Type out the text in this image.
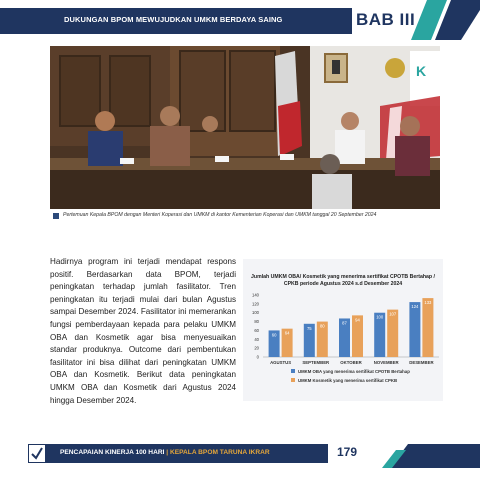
DUKUNGAN BPOM MEWUJUDKAN UMKM BERDAYA SAING	BAB III
K
Pertemuan Kepala BPOM dengan Menteri Koperasi dan UMKM di kantor Kementerian Koperasi dan UMKM tanggal 20 September 2024

Hadirnya program ini terjadi mendapat respons positif. Berdasarkan data BPOM, terjadi peningkatan terhadap jumlah fasilitator. Tren peningkatan itu terjadi mulai dari bulan Agustus sampai Desember 2024. Fasilitator ini memerankan fungsi pemberdayaan kepada para pelaku UMKM OBA dan Kosmetik agar bisa menyesuaikan standar produknya. Outcome dari pembentukan fasilitator ini bisa dilihat dari peningkatan UMKM OBA dan Kosmetik. Berikut data peningkatan UMKM OBA dan Kosmetik dari Agustus 2024 hingga Desember 2024.

Jumlah UMKM OBA/ Kosmetik yang menerima sertifikat CPOTB Bertahap / CPKB periode Agustus 2024 s.d Desember 2024
0
20
40
60
80
100
120
140
60 64
AGUSTUS
75 80
SEPTEMBER
87
94
OKTOBER
100
107
NOVEMBER
124
133
DESEMBER
UMKM OBA yang menerima sertifikat CPOTB Bertahap
UMKM Kosmetik yang menerima sertifikat CPKB
PENCAPAIAN KINERJA 100 HARI | KEPALA BPOM TARUNA IKRAR	179
